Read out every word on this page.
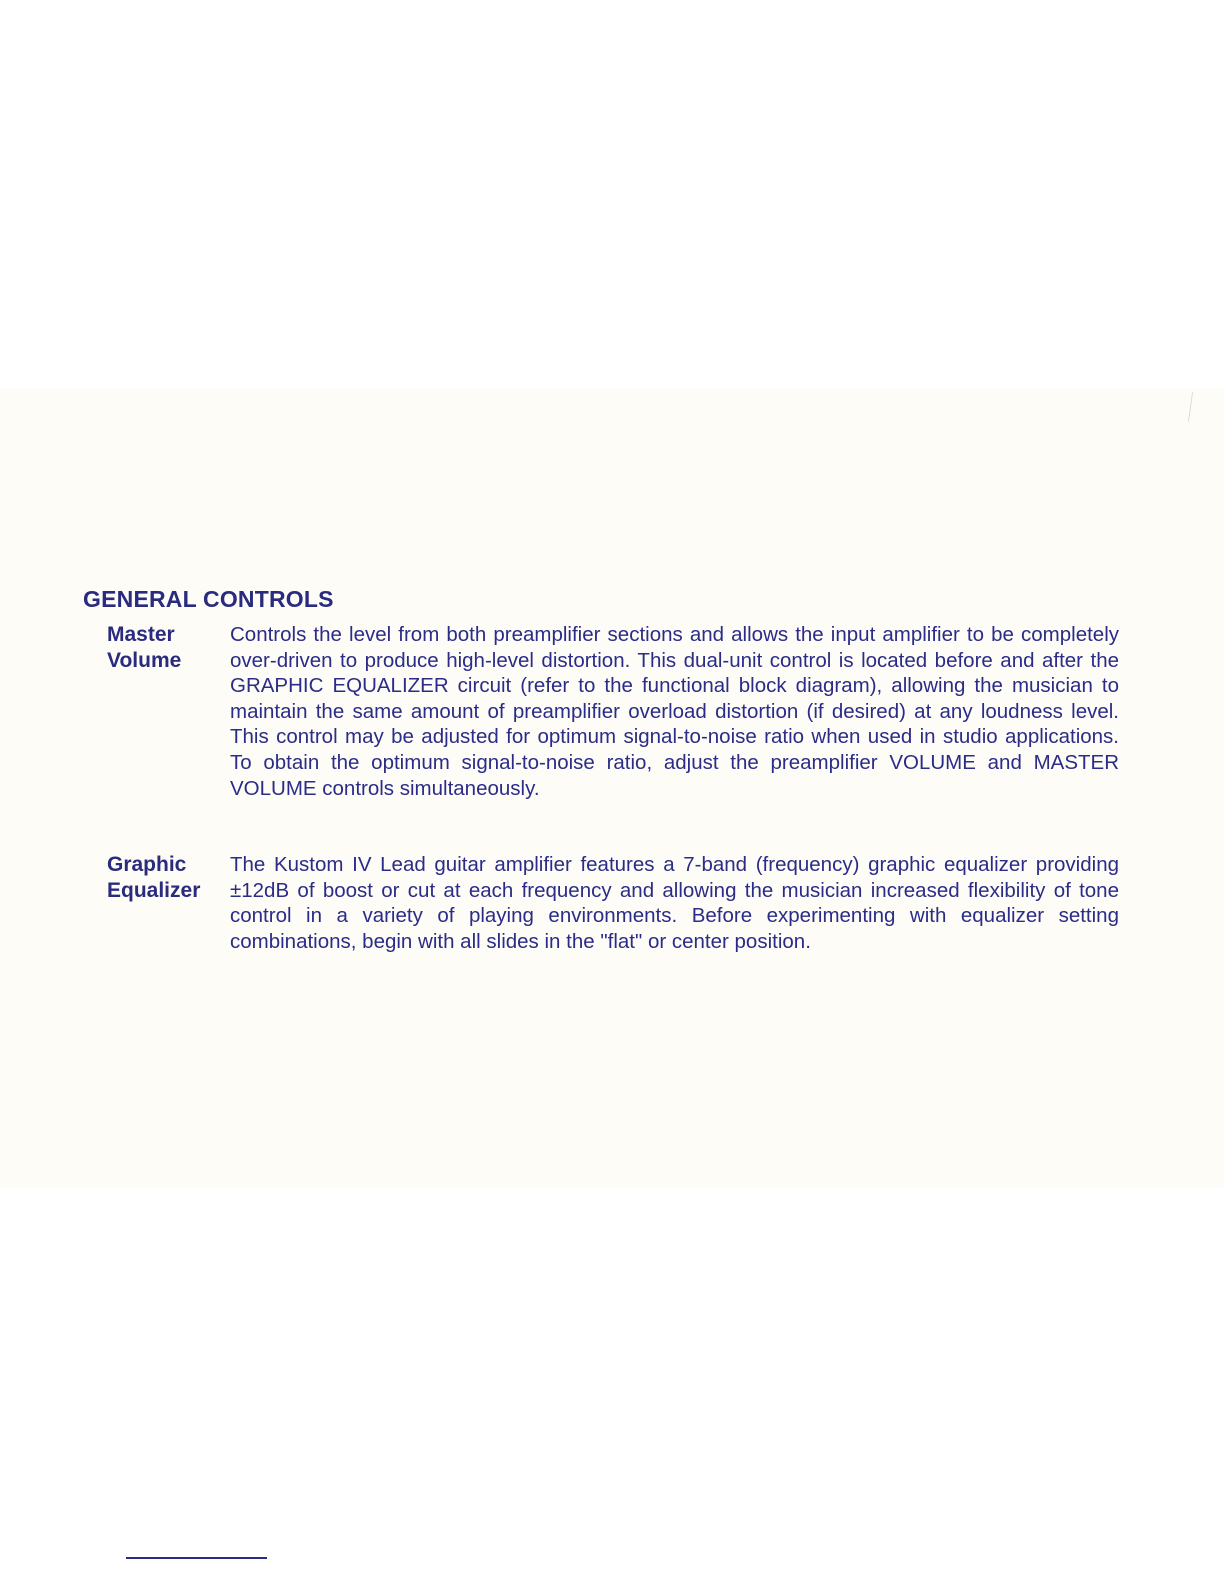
GENERAL CONTROLS
Master
Volume

Controls the level from both preamplifier sections and allows the input amplifier to be completely over-driven to produce high-level distortion. This dual-unit control is located before and after the GRAPHIC EQUALIZER circuit (refer to the functional block diagram), allowing the musician to maintain the same amount of preamplifier overload distortion (if desired) at any loudness level. This control may be adjusted for optimum signal-to-noise ratio when used in studio applications. To obtain the optimum signal-to-noise ratio, adjust the preamplifier VOLUME and MASTER VOLUME controls simultaneously.

Graphic
Equalizer

The Kustom IV Lead guitar amplifier features a 7-band (frequency) graphic equalizer providing ±12dB of boost or cut at each frequency and allowing the musician increased flexibility of tone control in a variety of playing environments. Before experimenting with equalizer setting combinations, begin with all slides in the "flat" or center position.
